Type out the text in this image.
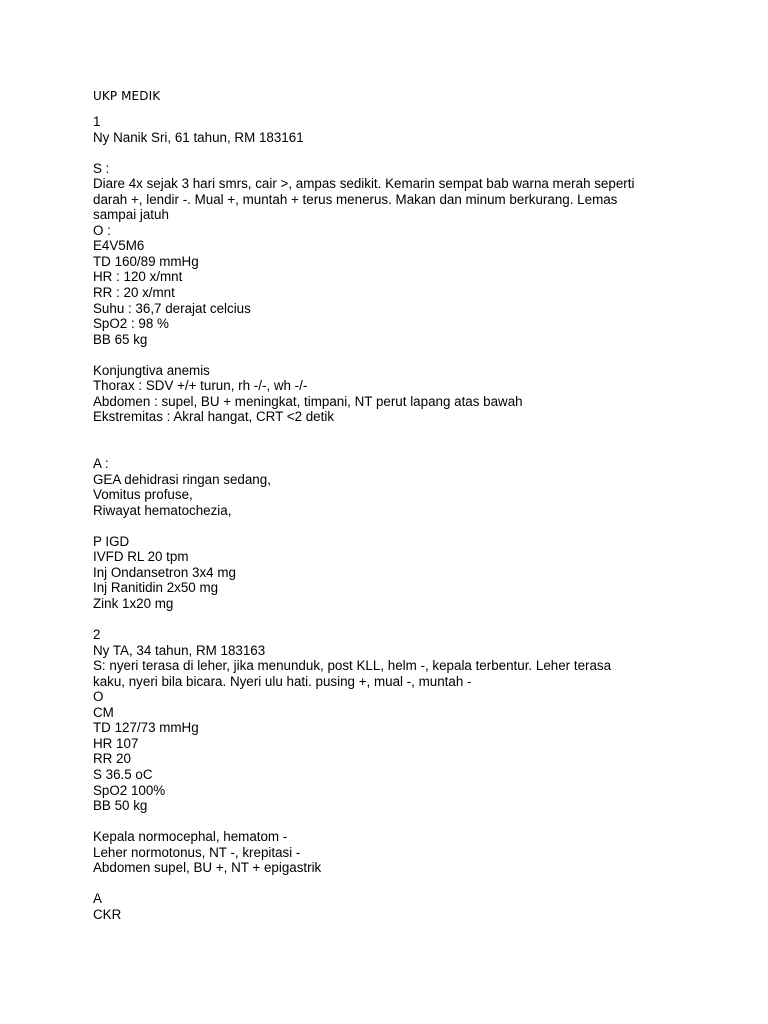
UKP MEDIK
1
Ny Nanik Sri, 61 tahun, RM 183161
S :
Diare 4x sejak 3 hari smrs, cair >, ampas sedikit. Kemarin sempat bab warna merah seperti
darah +, lendir -. Mual +, muntah + terus menerus. Makan dan minum berkurang. Lemas
sampai jatuh
O :
E4V5M6
TD 160/89 mmHg
HR : 120 x/mnt
RR : 20 x/mnt
Suhu : 36,7 derajat celcius
SpO2 : 98 %
BB 65 kg
Konjungtiva anemis
Thorax : SDV +/+ turun, rh -/-, wh -/-
Abdomen : supel, BU + meningkat, timpani, NT perut lapang atas bawah
Ekstremitas : Akral hangat, CRT <2 detik
A :
GEA dehidrasi ringan sedang,
Vomitus profuse,
Riwayat hematochezia,
P IGD
IVFD RL 20 tpm
Inj Ondansetron 3x4 mg
Inj Ranitidin 2x50 mg
Zink 1x20 mg
2
Ny TA, 34 tahun, RM 183163
S: nyeri terasa di leher, jika menunduk, post KLL, helm -, kepala terbentur. Leher terasa
kaku, nyeri bila bicara. Nyeri ulu hati. pusing +, mual -, muntah -
O
CM
TD 127/73 mmHg
HR 107
RR 20
S 36.5 oC
SpO2 100%
BB 50 kg
Kepala normocephal, hematom -
Leher normotonus, NT -, krepitasi -
Abdomen supel, BU +, NT + epigastrik
A
CKR
